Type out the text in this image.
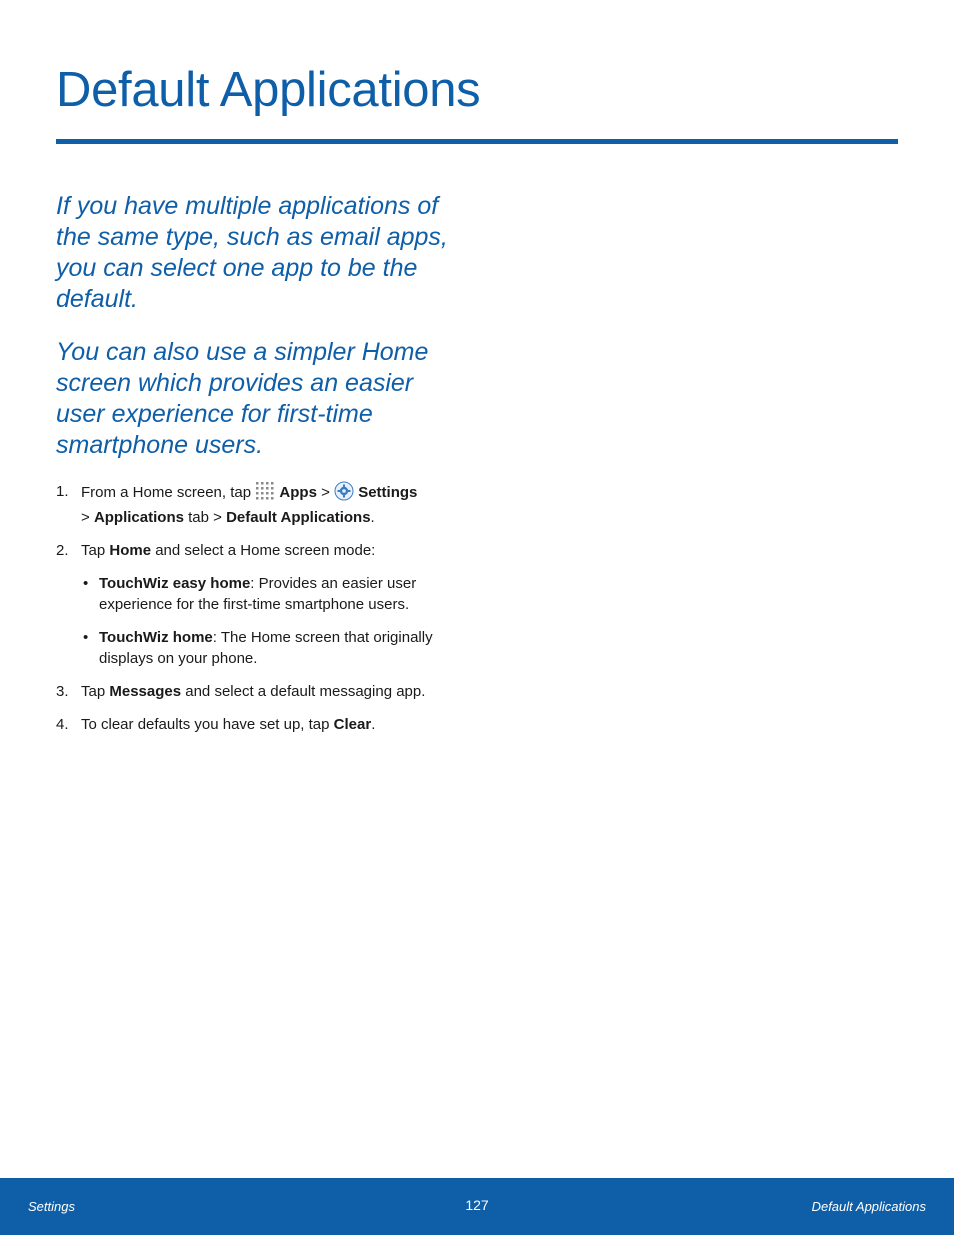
Default Applications

If you have multiple applications of the same type, such as email apps, you can select one app to be the default.

You can also use a simpler Home screen which provides an easier user experience for first-time smartphone users.

1. From a Home screen, tap  Apps >  Settings
> Applications tab > Default Applications.
2. Tap Home and select a Home screen mode:
• TouchWiz easy home: Provides an easier user experience for the first-time smartphone users.
• TouchWiz home: The Home screen that originally displays on your phone.
3. Tap Messages and select a default messaging app.
4. To clear defaults you have set up, tap Clear.
Settings	127	Default Applications
